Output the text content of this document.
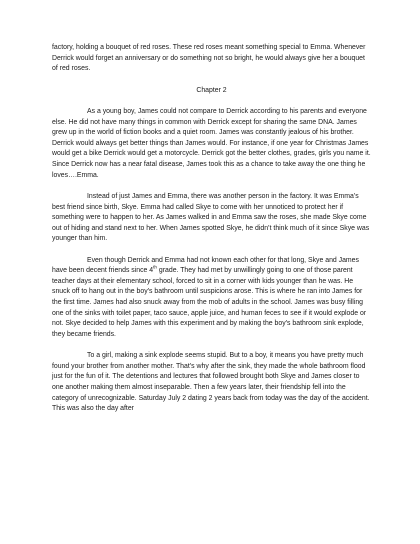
factory, holding a bouquet of red roses. These red roses meant something special to Emma. Whenever Derrick would forget an anniversary or do something not so bright, he would always give her a bouquet of red roses.

Chapter 2

As a young boy, James could not compare to Derrick according to his parents and everyone else. He did not have many things in common with Derrick except for sharing the same DNA. James grew up in the world of fiction books and a quiet room. James was constantly jealous of his brother. Derrick would always get better things than James would. For instance, if one year for Christmas James would get a bike Derrick would get a motorcycle. Derrick got the better clothes, grades, girls you name it. Since Derrick now has a near fatal disease, James took this as a chance to take away the one thing he loves….Emma.

Instead of just James and Emma, there was another person in the factory. It was Emma’s best friend since birth, Skye. Emma had called Skye to come with her unnoticed to protect her if something were to happen to her. As James walked in and Emma saw the roses, she made Skye come out of hiding and stand next to her. When James spotted Skye, he didn’t think much of it since Skye was younger than him.

Even though Derrick and Emma had not known each other for that long, Skye and James have been decent friends since 4th grade. They had met by unwillingly going to one of those parent teacher days at their elementary school, forced to sit in a corner with kids younger than he was. He snuck off to hang out in the boy’s bathroom until suspicions arose. This is where he ran into James for the first time. James had also snuck away from the mob of adults in the school. James was busy filling one of the sinks with toilet paper, taco sauce, apple juice, and human feces to see if it would explode or not. Skye decided to help James with this experiment and by making the boy’s bathroom sink explode, they became friends.

To a girl, making a sink explode seems stupid. But to a boy, it means you have pretty much found your brother from another mother. That’s why after the sink, they made the whole bathroom flood just for the fun of it. The detentions and lectures that followed brought both Skye and James closer to one another making them almost inseparable. Then a few years later, their friendship fell into the category of unrecognizable. Saturday July 2 dating 2 years back from today was the day of the accident. This was also the day after
